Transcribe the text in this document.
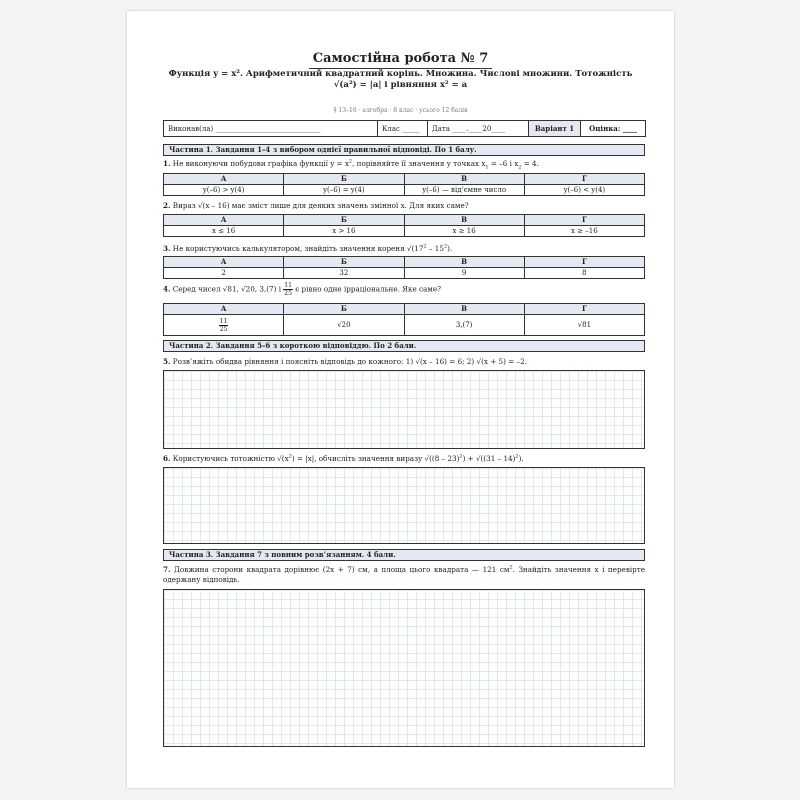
Самостійна робота № 7
Функція y = x². Арифметичний квадратний корінь. Множина. Числові множини. Тотожність √(a²) = |a| і рівняння x² = a
§ 13–16 · алгебра · 8 клас · усього 12 балів
Виконав(ла) ______________________________	Клас _____	Дата ____.____20____	Варіант 1	Оцінка: ____
Частина 1. Завдання 1–4 з вибором однієї правильної відповіді. По 1 балу.
1. Не виконуючи побудови графіка функції $y = x^2$, порівняйте її значення у точках $x_1 = -6$ і $x_2 = 4$.
А	Б	В	Г
y(–6) > y(4)	y(–6) = y(4)	y(–6) — від’ємне число	y(–6) < y(4)
2. Вираз √(x – 16) має зміст лише для деяких значень змінної x. Для яких саме?
А	Б	В	Г
x ≤ 16	x > 16	x ≥ 16	x ≥ –16
3. Не користуючись калькулятором, знайдіть значення кореня $√(17^2 - 15^2)$.
А	Б	В	Г
2	32	9	8
4. Серед чисел √81, √20, 3,(7) і $\frac{11}{25}$ є рівно одне ірраціональне. Яке саме?
А	Б	В	Г

$\frac{11}{25}$	√20	3,(7)	√81
Частина 2. Завдання 5–6 з короткою відповіддю. По 2 бали.
5. Розв’яжіть обидва рівняння і поясніть відповідь до кожного: 1) √(x – 16) = 6; 2) √(x + 5) = –2.
6. Користуючись тотожністю $√(x^2) = |x|$, обчисліть значення виразу √((8 – 23)$^2$) + √((31 – 14)$^2$).
Частина 3. Завдання 7 з повним розв’язанням. 4 бали.
7. Довжина сторони квадрата дорівнює (2x + 7) см, а площа цього квадрата — 121 $см^2$. Знайдіть значення x і перевірте одержану відповідь.
